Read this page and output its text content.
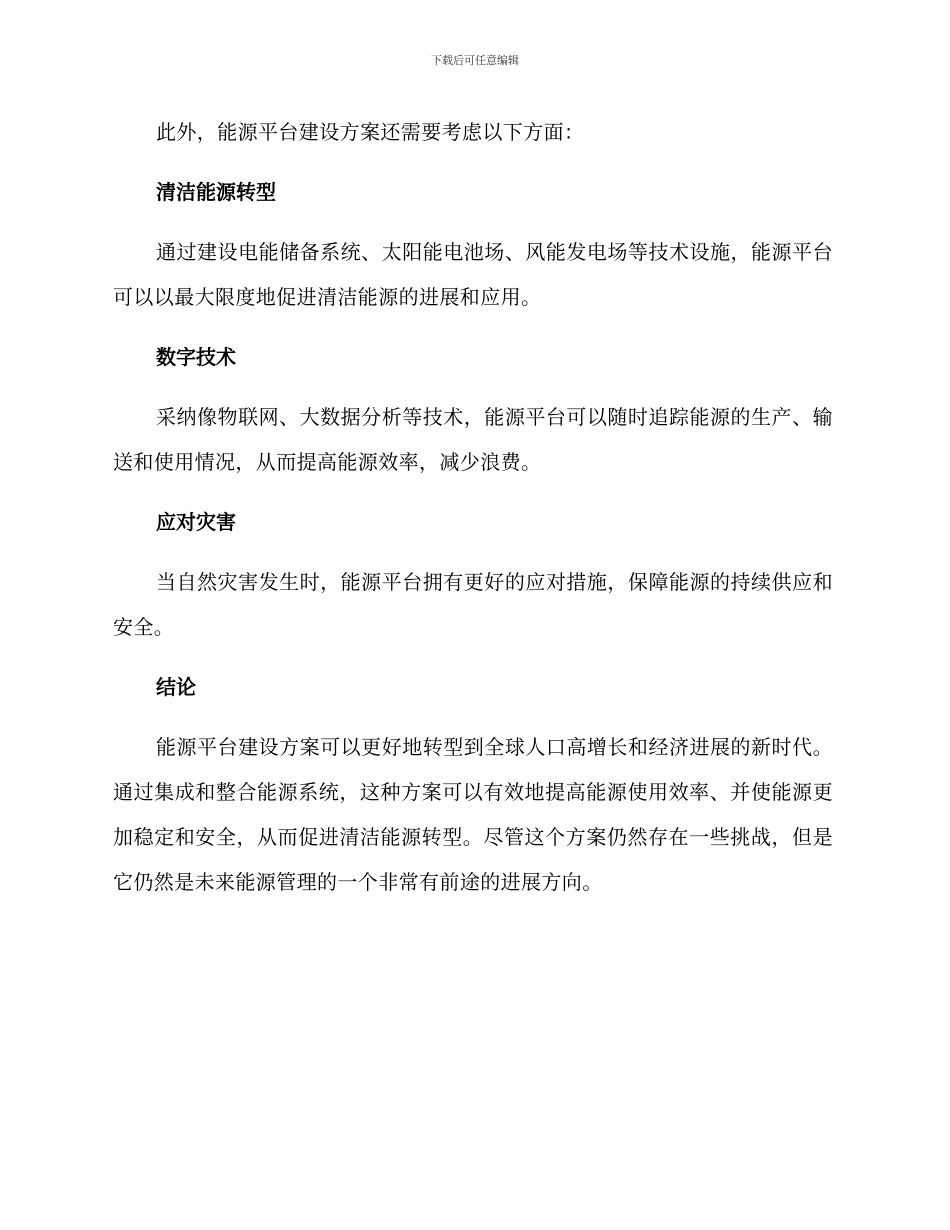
下载后可任意编辑

此外，能源平台建设方案还需要考虑以下方面：

清洁能源转型

通过建设电能储备系统、太阳能电池场、风能发电场等技术设施，能源平台可以以最大限度地促进清洁能源的进展和应用。

数字技术

采纳像物联网、大数据分析等技术，能源平台可以随时追踪能源的生产、输送和使用情况，从而提高能源效率，减少浪费。

应对灾害

当自然灾害发生时，能源平台拥有更好的应对措施，保障能源的持续供应和安全。

结论

能源平台建设方案可以更好地转型到全球人口高增长和经济进展的新时代。通过集成和整合能源系统，这种方案可以有效地提高能源使用效率、并使能源更加稳定和安全，从而促进清洁能源转型。尽管这个方案仍然存在一些挑战，但是它仍然是未来能源管理的一个非常有前途的进展方向。
